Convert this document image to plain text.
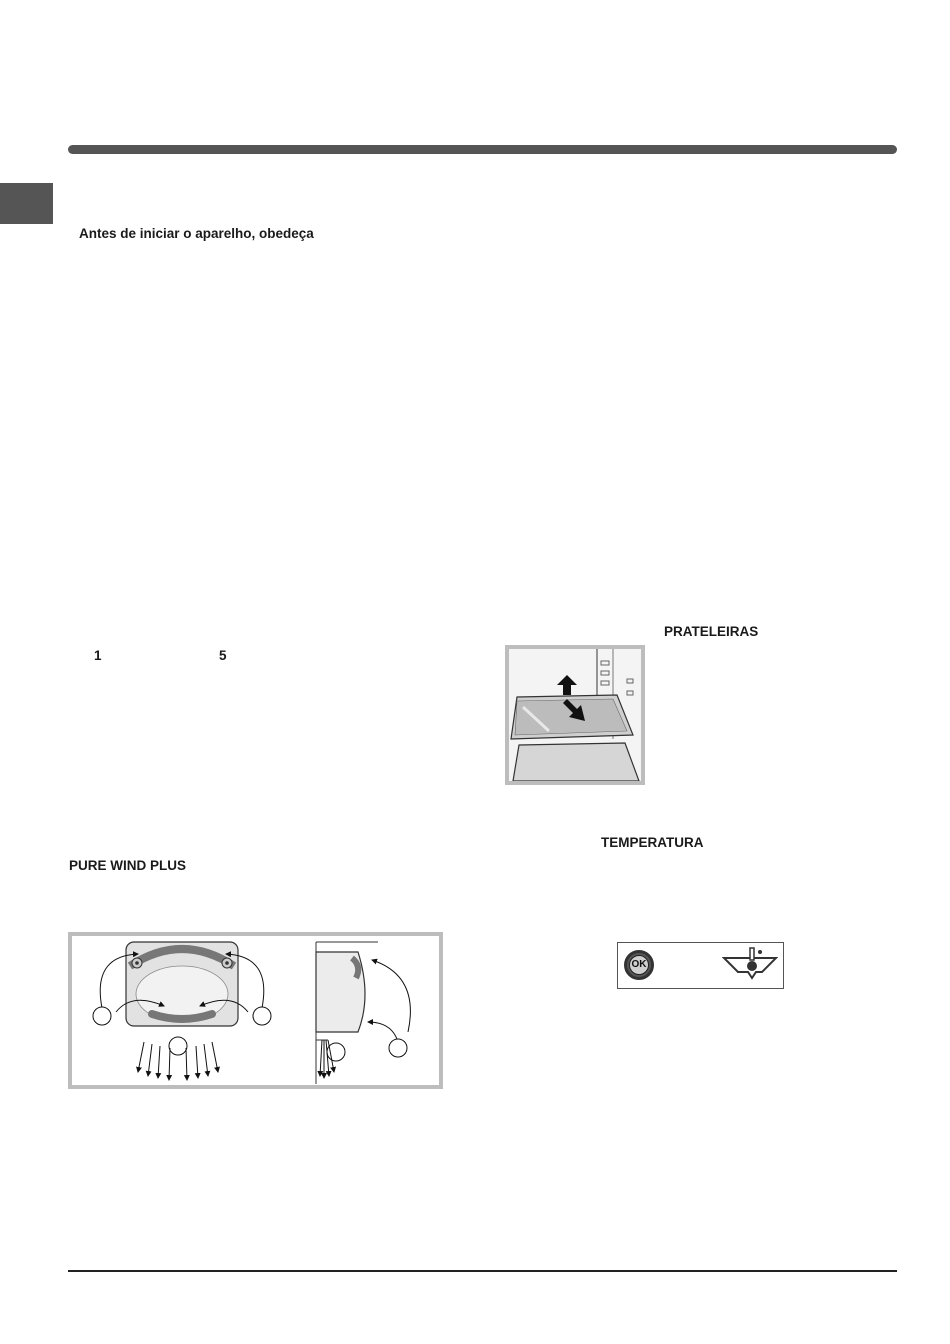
Antes de iniciar o aparelho, obedeça
1	5
PURE WIND PLUS
PRATELEIRAS
TEMPERATURA
OK
